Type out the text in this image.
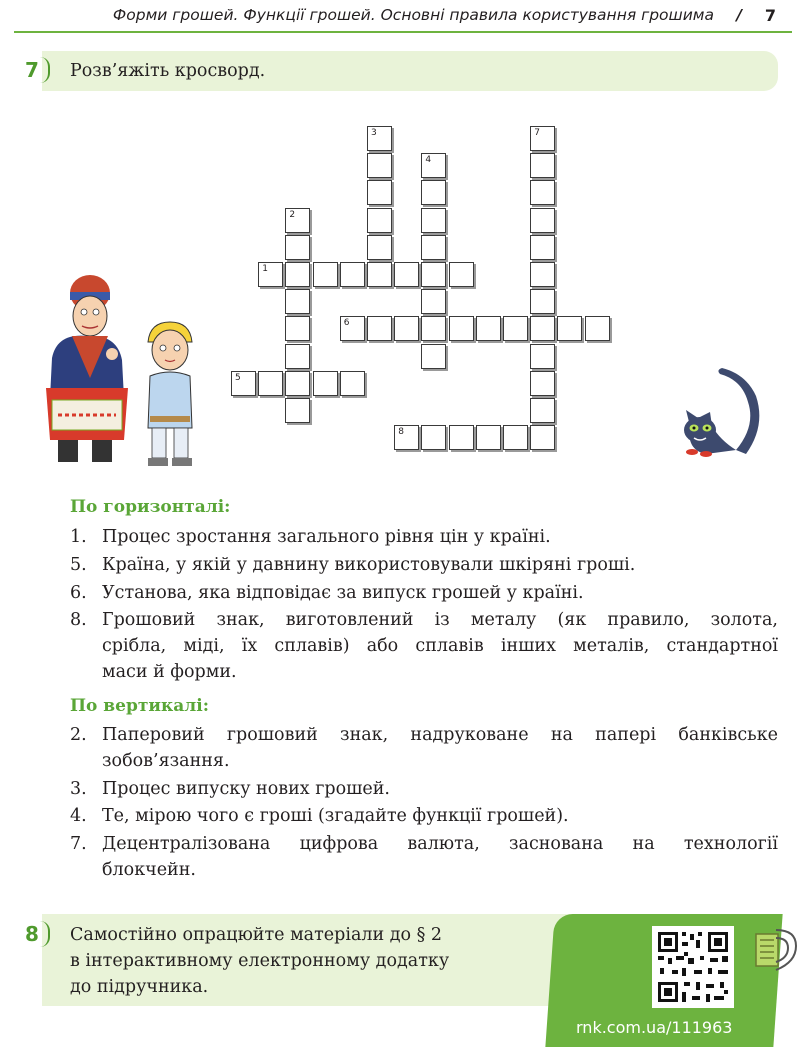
Форми грошей. Функції грошей. Основні правила користування грошима / 7
7	Розв’яжіть кросворд.
1
2
3
4
5
6
7
8
По горизонталі:
1. Процес зростання загального рівня цін у країні.
5. Країна, у якій у давнину використовували шкіряні гроші.
6. Установа, яка відповідає за випуск грошей у країні.
8. Грошовий знак, виготовлений із металу (як правило, золота,
срібла, міді, їх сплавів) або сплавів інших металів, стандартної
маси й форми.
По вертикалі:
2. Паперовий грошовий знак, надруковане на папері банківське
зобов’язання.
3. Процес випуску нових грошей.
4. Те, мірою чого є гроші (згадайте функції грошей).
7. Децентралізована цифрова валюта, заснована на технології
блокчейн.
8	Самостійно опрацюйте матеріали до § 2
в інтерактивному електронному додатку
до підручника.
rnk.com.ua/111963
